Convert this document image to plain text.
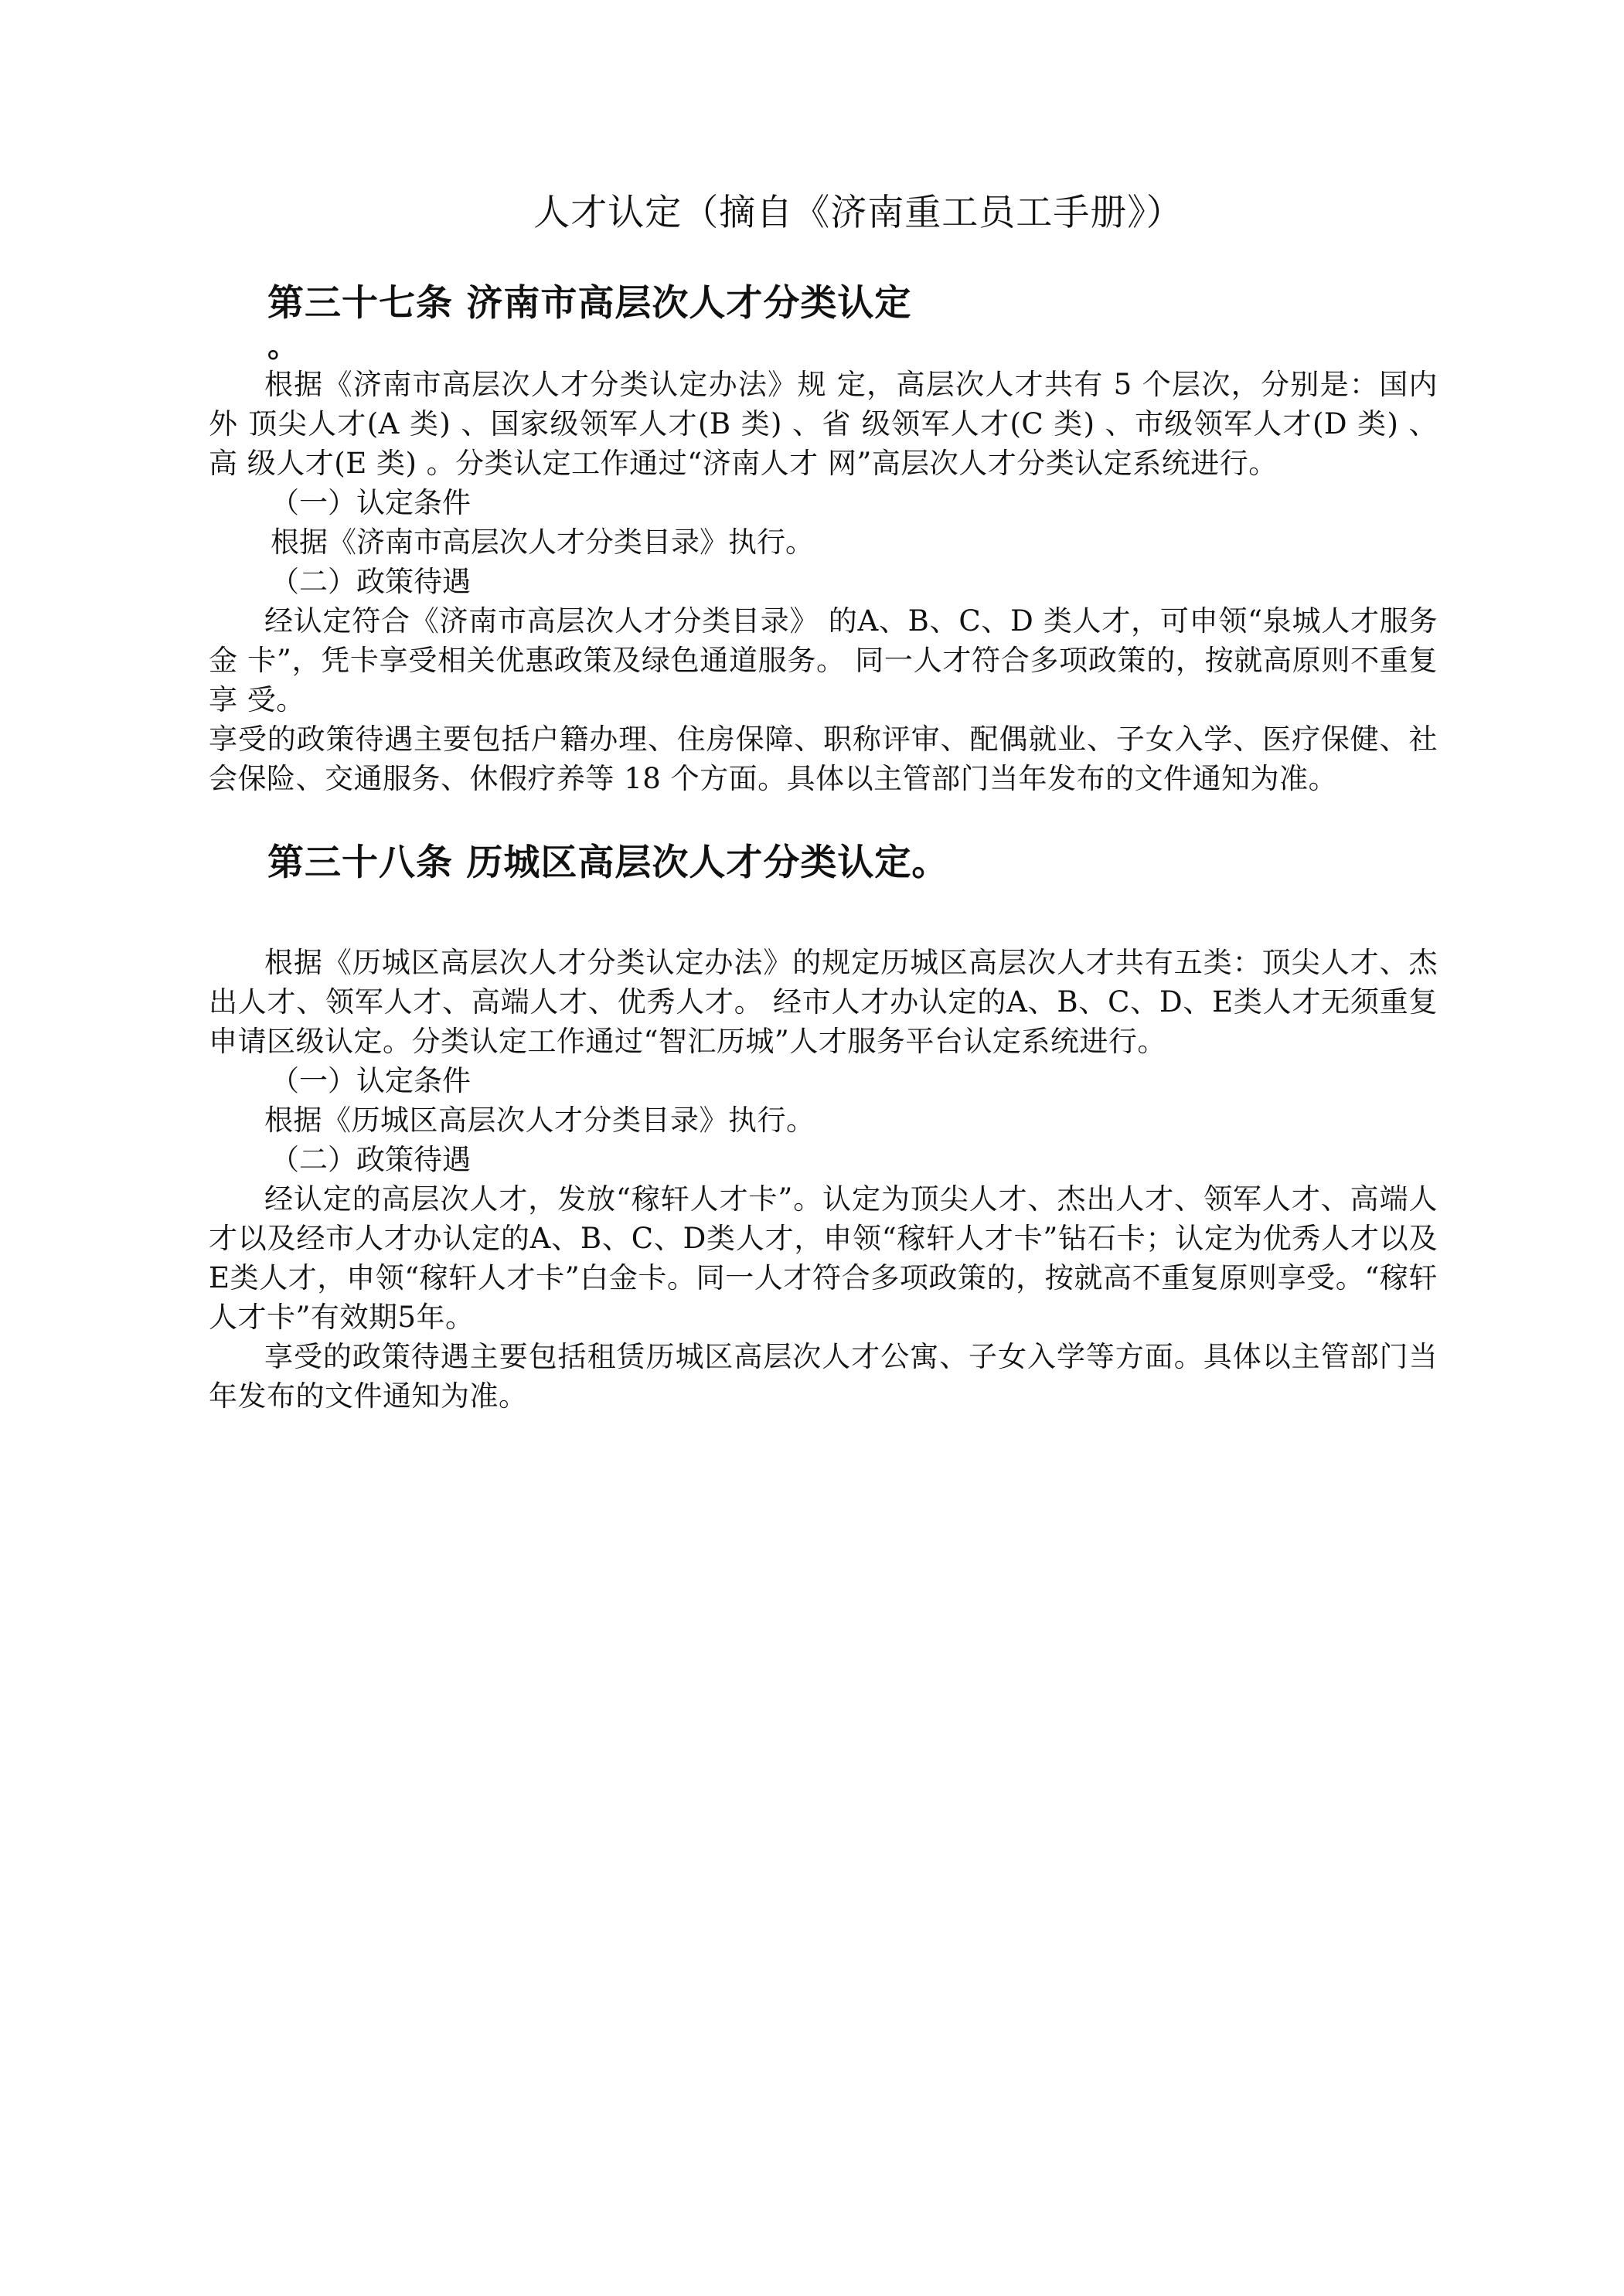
人才认定（摘自《济南重工员工手册》）
第三十七条 济南市高层次人才分类认定
。

根据《济南市高层次人才分类认定办法》规 定，高层次人才共有 5 个层次，分别是：国内外 顶尖人才(A 类) 、国家级领军人才(B 类) 、省 级领军人才(C 类) 、市级领军人才(D 类) 、高 级人才(E 类) 。分类认定工作通过“济南人才 网”高层次人才分类认定系统进行。

（一）认定条件

根据《济南市高层次人才分类目录》执行。

（二）政策待遇

经认定符合《济南市高层次人才分类目录》 的A、B、C、D 类人才，可申领“泉城人才服务金 卡”，凭卡享受相关优惠政策及绿色通道服务。 同一人才符合多项政策的，按就高原则不重复享 受。

享受的政策待遇主要包括户籍办理、住房保障、职称评审、配偶就业、子女入学、医疗保健、社会保险、交通服务、休假疗养等 18 个方面。具体以主管部门当年发布的文件通知为准。

第三十八条 历城区高层次人才分类认定。

根据《历城区高层次人才分类认定办法》的规定历城区高层次人才共有五类：顶尖人才、杰出人才、领军人才、高端人才、优秀人才。 经市人才办认定的A、B、C、D、E类人才无须重复申请区级认定。分类认定工作通过“智汇历城”人才服务平台认定系统进行。

（一）认定条件

根据《历城区高层次人才分类目录》执行。

（二）政策待遇

经认定的高层次人才，发放“稼轩人才卡”。认定为顶尖人才、杰出人才、领军人才、高端人才以及经市人才办认定的A、B、C、D类人才，申领“稼轩人才卡”钻石卡；认定为优秀人才以及E类人才，申领“稼轩人才卡”白金卡。同一人才符合多项政策的，按就高不重复原则享受。“稼轩人才卡”有效期5年。

享受的政策待遇主要包括租赁历城区高层次人才公寓、子女入学等方面。具体以主管部门当年发布的文件通知为准。
